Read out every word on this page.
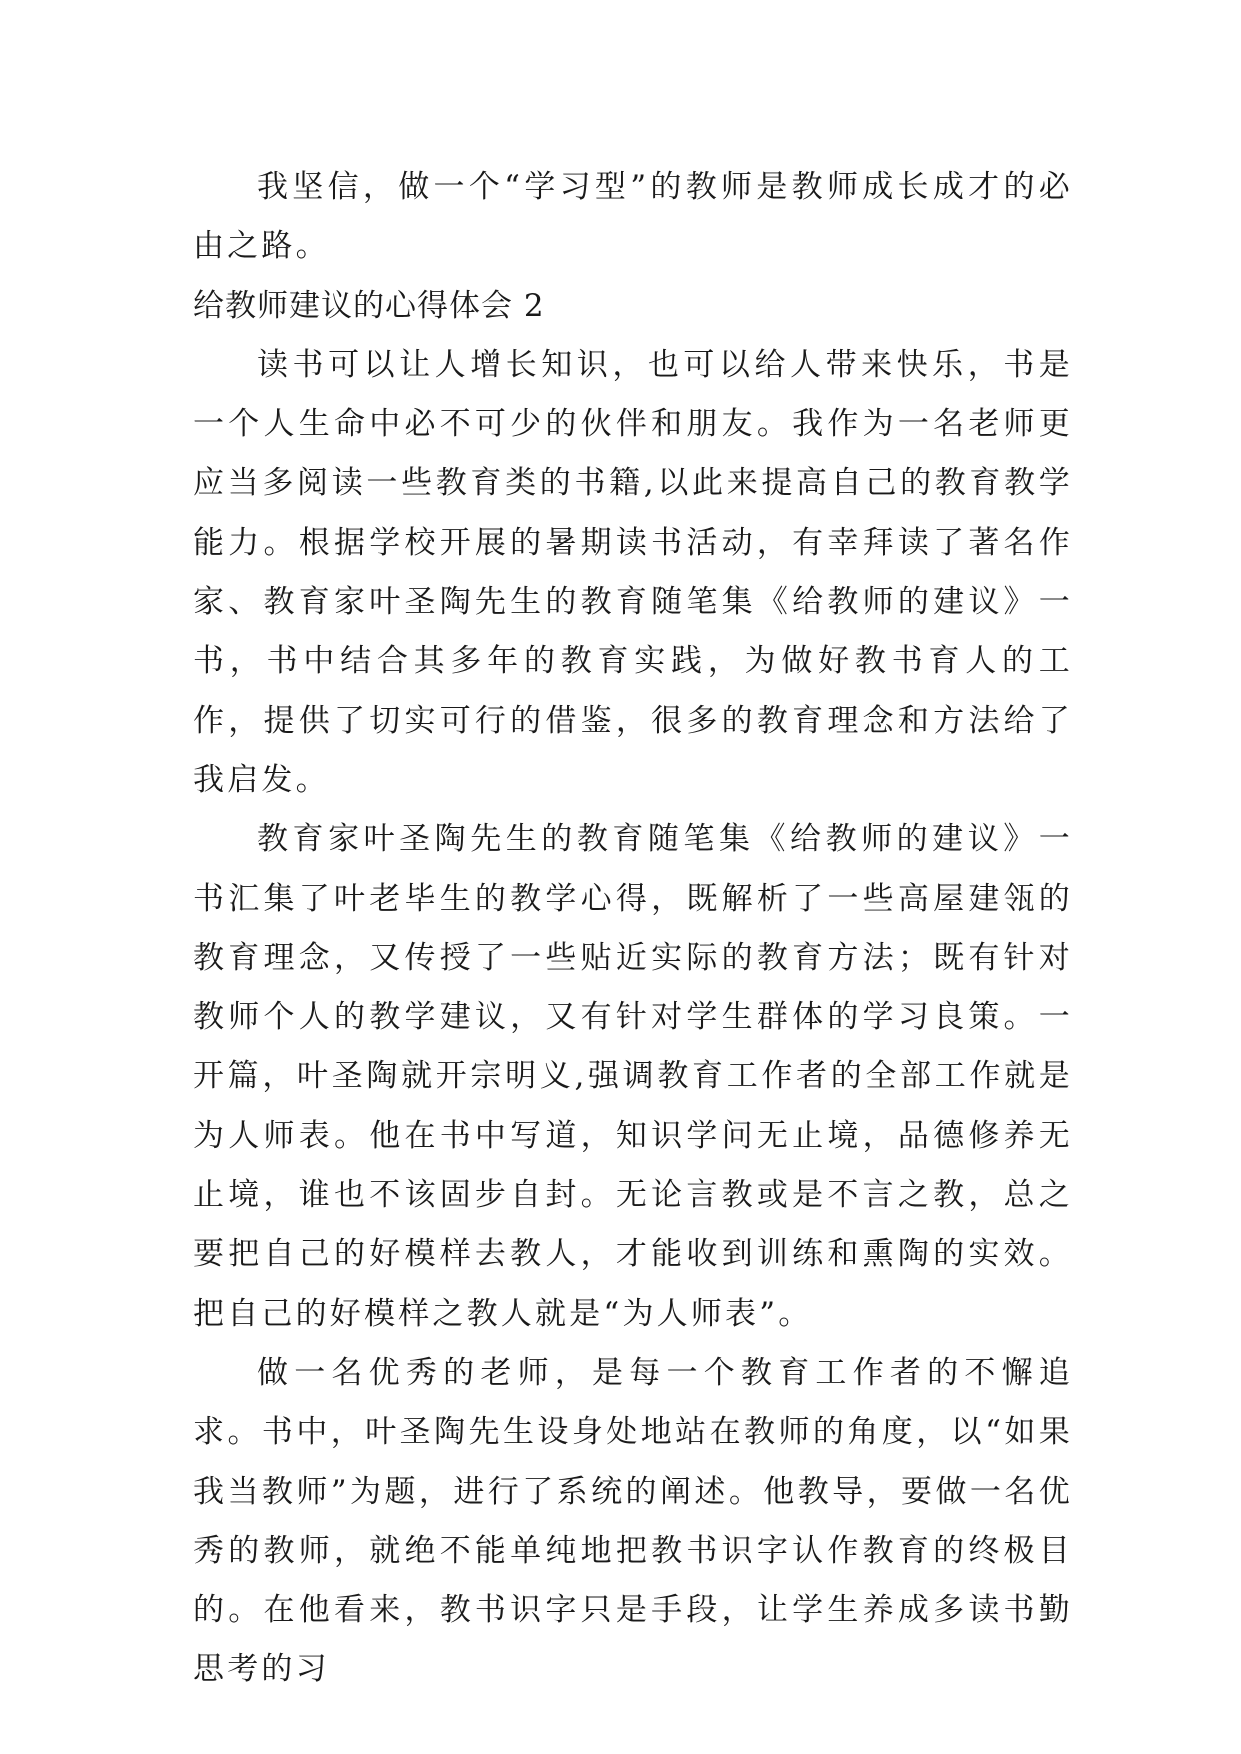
我坚信，做一个“学习型”的教师是教师成长成才的必由之路。

给教师建议的心得体会 2

读书可以让人增长知识，也可以给人带来快乐，书是一个人生命中必不可少的伙伴和朋友。我作为一名老师更应当多阅读一些教育类的书籍,以此来提高自己的教育教学能力。根据学校开展的暑期读书活动，有幸拜读了著名作家、教育家叶圣陶先生的教育随笔集《给教师的建议》一书，书中结合其多年的教育实践，为做好教书育人的工作，提供了切实可行的借鉴，很多的教育理念和方法给了我启发。

教育家叶圣陶先生的教育随笔集《给教师的建议》一书汇集了叶老毕生的教学心得，既解析了一些高屋建瓴的教育理念，又传授了一些贴近实际的教育方法；既有针对教师个人的教学建议，又有针对学生群体的学习良策。一开篇，叶圣陶就开宗明义,强调教育工作者的全部工作就是为人师表。他在书中写道，知识学问无止境，品德修养无止境，谁也不该固步自封。无论言教或是不言之教，总之要把自己的好模样去教人，才能收到训练和熏陶的实效。把自己的好模样之教人就是“为人师表”。

做一名优秀的老师，是每一个教育工作者的不懈追求。书中，叶圣陶先生设身处地站在教师的角度，以“如果我当教师”为题，进行了系统的阐述。他教导，要做一名优秀的教师，就绝不能单纯地把教书识字认作教育的终极目的。在他看来，教书识字只是手段，让学生养成多读书勤思考的习
